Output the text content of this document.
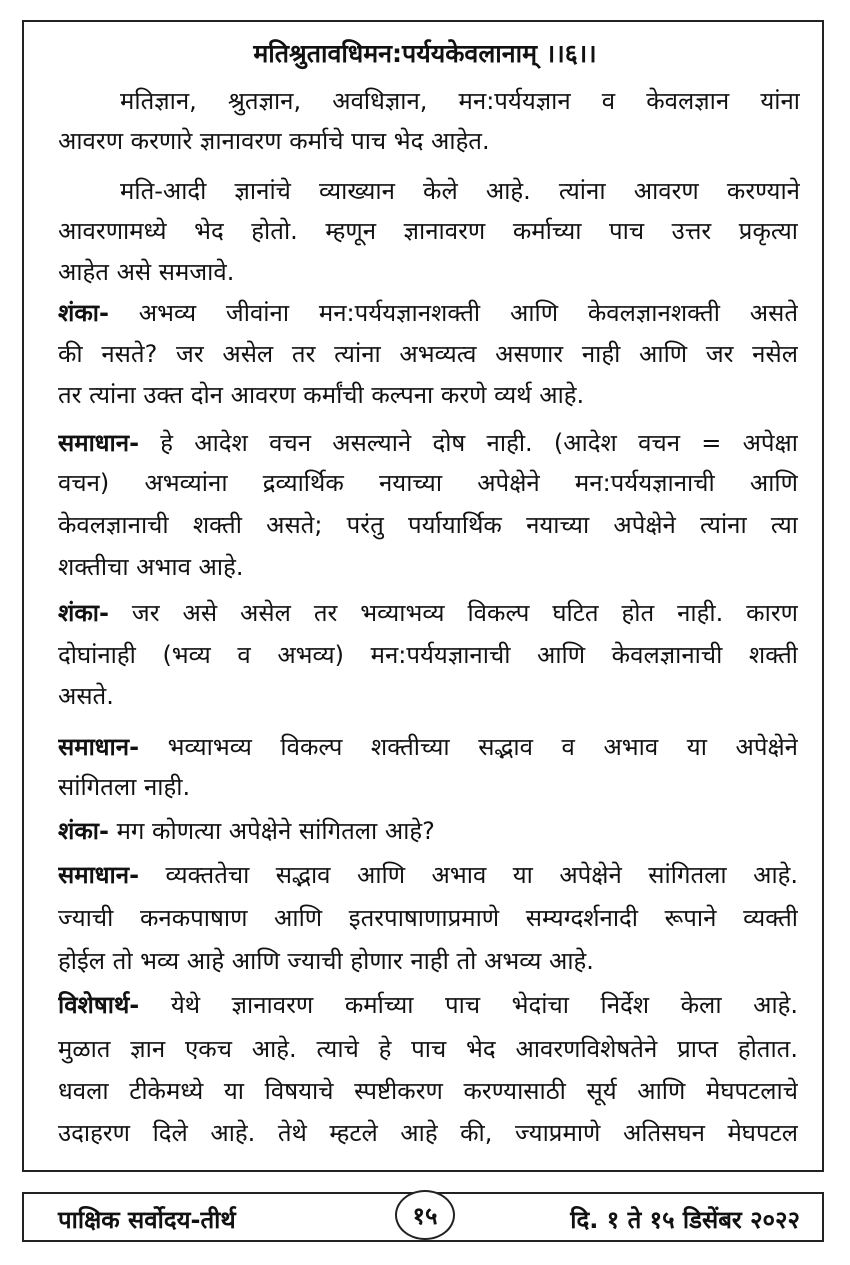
मतिश्रुतावधिमन:पर्ययकेवलानाम् ।।६।।
मतिज्ञान, श्रुतज्ञान, अवधिज्ञान, मन:पर्ययज्ञान व केवलज्ञान यांना
आवरण करणारे ज्ञानावरण कर्माचे पाच भेद आहेत.
मति-आदी ज्ञानांचे व्याख्यान केले आहे. त्यांना आवरण करण्याने
आवरणामध्ये भेद होतो. म्हणून ज्ञानावरण कर्माच्या पाच उत्तर प्रकृत्या
आहेत असे समजावे.
शंका- अभव्य जीवांना मन:पर्ययज्ञानशक्ती आणि केवलज्ञानशक्ती असते
की नसते? जर असेल तर त्यांना अभव्यत्व असणार नाही आणि जर नसेल
तर त्यांना उक्त दोन आवरण कर्मांची कल्पना करणे व्यर्थ आहे.
समाधान- हे आदेश वचन असल्याने दोष नाही. (आदेश वचन = अपेक्षा
वचन) अभव्यांना द्रव्यार्थिक नयाच्या अपेक्षेने मन:पर्ययज्ञानाची आणि
केवलज्ञानाची शक्ती असते; परंतु पर्यायार्थिक नयाच्या अपेक्षेने त्यांना त्या
शक्तीचा अभाव आहे.
शंका- जर असे असेल तर भव्याभव्य विकल्प घटित होत नाही. कारण
दोघांनाही (भव्य व अभव्य) मन:पर्ययज्ञानाची आणि केवलज्ञानाची शक्ती
असते.
समाधान- भव्याभव्य विकल्प शक्तीच्या सद्भाव व अभाव या अपेक्षेने
सांगितला नाही.
शंका- मग कोणत्या अपेक्षेने सांगितला आहे?
समाधान- व्यक्ततेचा सद्भाव आणि अभाव या अपेक्षेने सांगितला आहे.
ज्याची कनकपाषाण आणि इतरपाषाणाप्रमाणे सम्यग्दर्शनादी रूपाने व्यक्ती
होईल तो भव्य आहे आणि ज्याची होणार नाही तो अभव्य आहे.
विशेषार्थ- येथे ज्ञानावरण कर्माच्या पाच भेदांचा निर्देश केला आहे.
मुळात ज्ञान एकच आहे. त्याचे हे पाच भेद आवरणविशेषतेने प्राप्त होतात.
धवला टीकेमध्ये या विषयाचे स्पष्टीकरण करण्यासाठी सूर्य आणि मेघपटलाचे
उदाहरण दिले आहे. तेथे म्हटले आहे की, ज्याप्रमाणे अतिसघन मेघपटल
पाक्षिक सर्वोदय-तीर्थ	१५	दि. १ ते १५ डिसेंबर २०२२
